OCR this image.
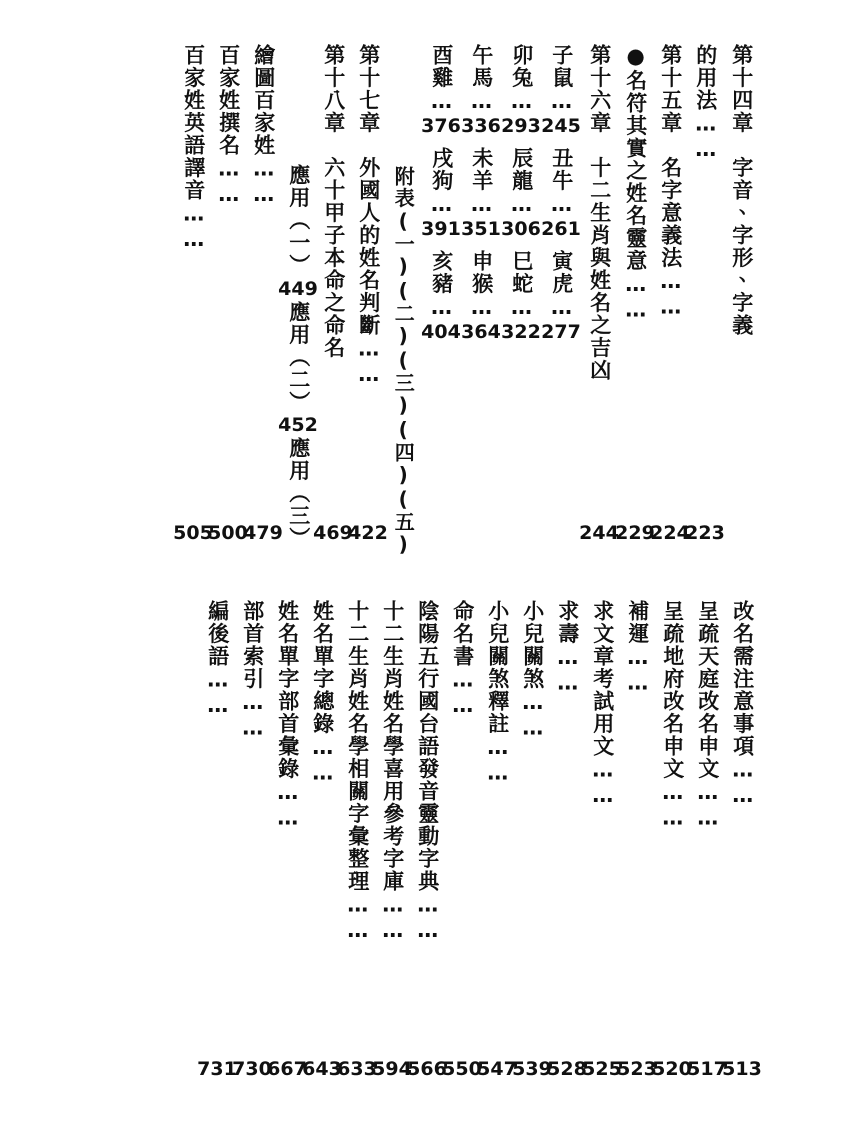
第十四章　字音、字形、字義
的用法……
223
第十五章　名字意義法……
224
●名符其實之姓名靈意……
229
第十六章　十二生肖與姓名之吉凶
244
子鼠
…
245
丑牛
…
261
寅虎
…
277
卯兔
…
293
辰龍
…
306
巳蛇
…
322
午馬
…
336
未羊
…
351
申猴
…
364
酉雞
…
376
戌狗
…
391
亥豬
…
404
附表
(一)(二)(三)(四)(五)
第十七章　外國人的姓名判斷……
422
第十八章　六十甲子本命之命名
469
應用（一）
449
應用（二）
452
應用（三）
繪圖百家姓……
479
百家姓撰名……
500
百家姓英語譯音……
505
改名需注意事項……
513
呈疏天庭改名申文……
517
呈疏地府改名申文……
520
補運……
523
求文章考試用文……
525
求壽……
528
小兒關煞……
539
小兒關煞釋註……
547
命名書……
550
陰陽五行國台語發音靈動字典……
566
十二生肖姓名學喜用參考字庫……
594
十二生肖姓名學相關字彙整理……
633
姓名單字總錄……
643
姓名單字部首彙錄……
667
部首索引……
730
編後語……
731
